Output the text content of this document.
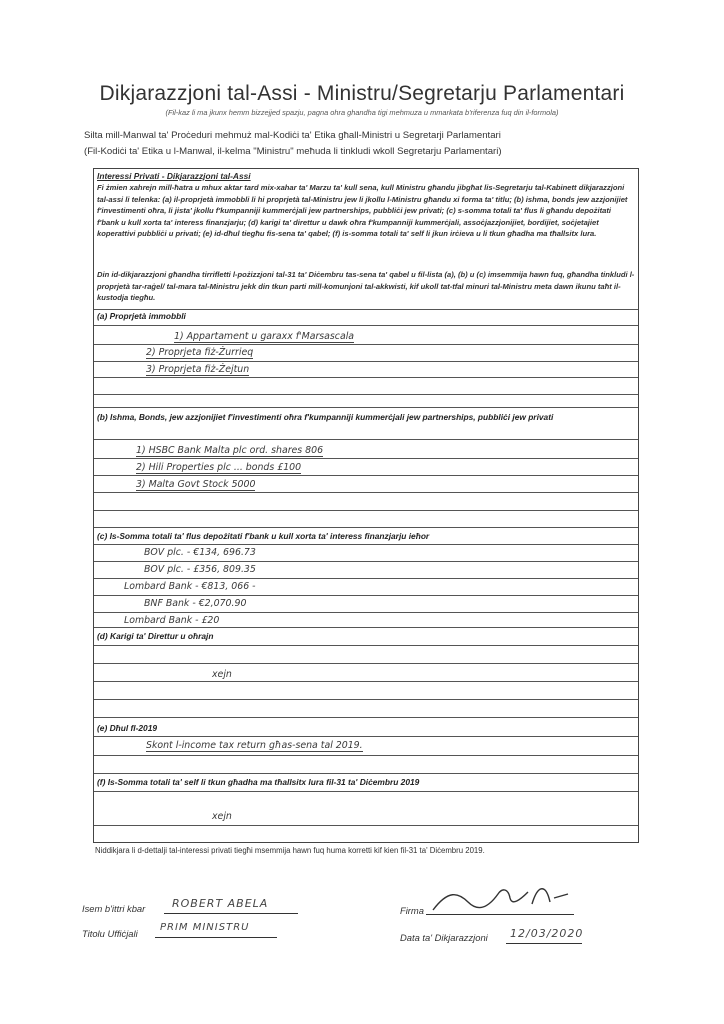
Dikjarazzjoni tal-Assi - Ministru/Segretarju Parlamentari
(Fil-kaz li ma jkunx hemm bizzejjed spazju, pagna ohra ghandha tigi mehmuza u mmarkata b'riferenza fuq din il-formola)
Silta mill-Manwal ta' Proċeduri mehmuż mal-Kodiċi ta' Etika għall-Ministri u Segretarji Parlamentari
(Fil-Kodiċi ta' Etika u l-Manwal, il-kelma "Ministru" meħuda li tinkludi wkoll Segretarju Parlamentari)
Interessi Privati - Dikjarazzjoni tal-Assi
Fi żmien xahrejn mill-ħatra u mhux aktar tard mix-xahar ta' Marzu ta' kull sena, kull Ministru għandu jibgħat lis-Segretarju tal-Kabinett dikjarazzjoni tal-assi li telenka: (a) il-proprjetà immobbli li hi proprjetà tal-Ministru jew li jkollu l-Ministru għandu xi forma ta' titlu; (b) ishma, bonds jew azzjonijiet f'investimenti oħra, li jista' jkollu f'kumpanniji kummerċjali jew partnerships, pubbliċi jew privati; (c) s-somma totali ta' flus li għandu depożitati f'bank u kull xorta ta' interess finanzjarju; (d) karigi ta' direttur u dawk oħra f'kumpanniji kummerċjali, assoċjazzjonijiet, bordijiet, soċjetajiet koperattivi pubbliċi u privati; (e) id-dħul tiegħu fis-sena ta' qabel; (f) is-somma totali ta' self li jkun irċieva u li tkun għadha ma tħallsitx lura.
Din id-dikjarazzjoni għandha tirrifletti l-pożizzjoni tal-31 ta' Diċembru tas-sena ta' qabel u fil-lista (a), (b) u (c) imsemmija hawn fuq, għandha tinkludi l-proprjetà tar-raġel/ tal-mara tal-Ministru jekk din tkun parti mill-komunjoni tal-akkwisti, kif ukoll tat-tfal minuri tal-Ministru meta dawn ikunu taħt il-kustodja tiegħu.
(a) Proprjetà immobbli
1) Appartament u garaxx f'Marsascala
2) Proprjeta fiż-Żurrieq
3) Proprjeta fiż-Żejtun
(b) Ishma, Bonds, jew azzjonijiet f'investimenti oħra f'kumpanniji kummerċjali jew partnerships, pubbliċi jew privati
1) HSBC Bank Malta plc ord. shares 806
2) Hili Properties plc ... bonds £100
3) Malta Govt Stock 5000
(c) Is-Somma totali ta' flus depożitati f'bank u kull xorta ta' interess finanzjarju ieħor
BOV plc. - €134, 696.73
BOV plc. - £356, 809.35
Lombard Bank - €813, 066 -
BNF Bank - €2,070.90
Lombard Bank - £20
(d) Karigi ta' Direttur u oħrajn
xejn
(e) Dħul fl-2019
Skont l-income tax return għas-sena tal 2019.
(f) Is-Somma totali ta' self li tkun għadha ma tħallsitx lura fil-31 ta' Diċembru 2019
xejn
Niddikjara li d-dettalji tal-interessi privati tiegħi msemmija hawn fuq huma korretti kif kien fil-31 ta' Diċembru 2019.
Isem b'ittri kbar ROBERT ABELA
Titolu Uffiċjali
PRIM MINISTRU
Firma
Data ta' Dikjarazzjoni 12/03/2020
